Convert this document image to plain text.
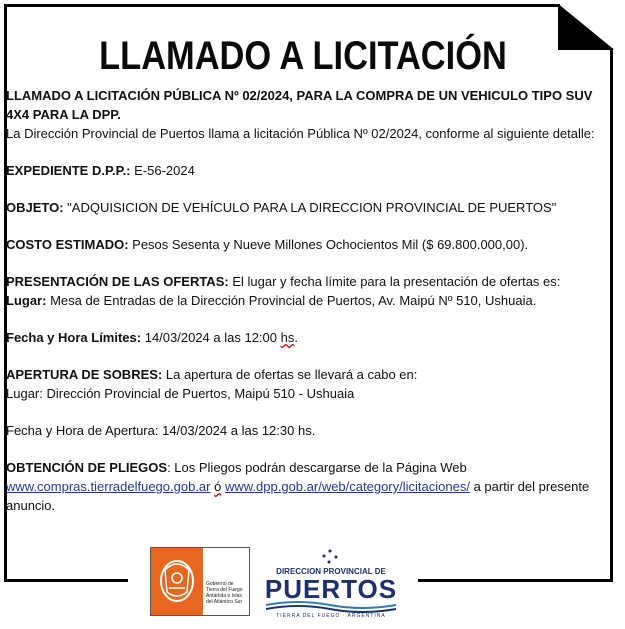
LLAMADO A LICITACIÓN

LLAMADO A LICITACIÓN PÚBLICA Nº 02/2024, PARA LA COMPRA DE UN VEHICULO TIPO SUV 4X4 PARA LA DPP.

La Dirección Provincial de Puertos llama a licitación Pública Nº 02/2024, conforme al siguiente detalle:

EXPEDIENTE D.P.P.: E-56-2024

OBJETO: "ADQUISICION DE VEHÍCULO PARA LA DIRECCION PROVINCIAL DE PUERTOS"

COSTO ESTIMADO: Pesos Sesenta y Nueve Millones Ochocientos Mil ($ 69.800.000,00).

PRESENTACIÓN DE LAS OFERTAS: El lugar y fecha límite para la presentación de ofertas es:

Lugar: Mesa de Entradas de la Dirección Provincial de Puertos, Av. Maipú Nº 510, Ushuaia.

Fecha y Hora Límites: 14/03/2024 a las 12:00 hs.

APERTURA DE SOBRES: La apertura de ofertas se llevará a cabo en:

Lugar: Dirección Provincial de Puertos, Maipú 510 - Ushuaia

Fecha y Hora de Apertura: 14/03/2024 a las 12:30 hs.

OBTENCIÓN DE PLIEGOS: Los Pliegos podrán descargarse de la Página Web

www.compras.tierradelfuego.gob.ar ó www.dpp.gob.ar/web/category/licitaciones/ a partir del presente anuncio.

Gobierno de
Tierra del Fuego
Antártida e Islas
del Atlántico Sur
DIRECCION PROVINCIAL DE
PUERTOS
TIERRA DEL FUEGO · ARGENTINA
